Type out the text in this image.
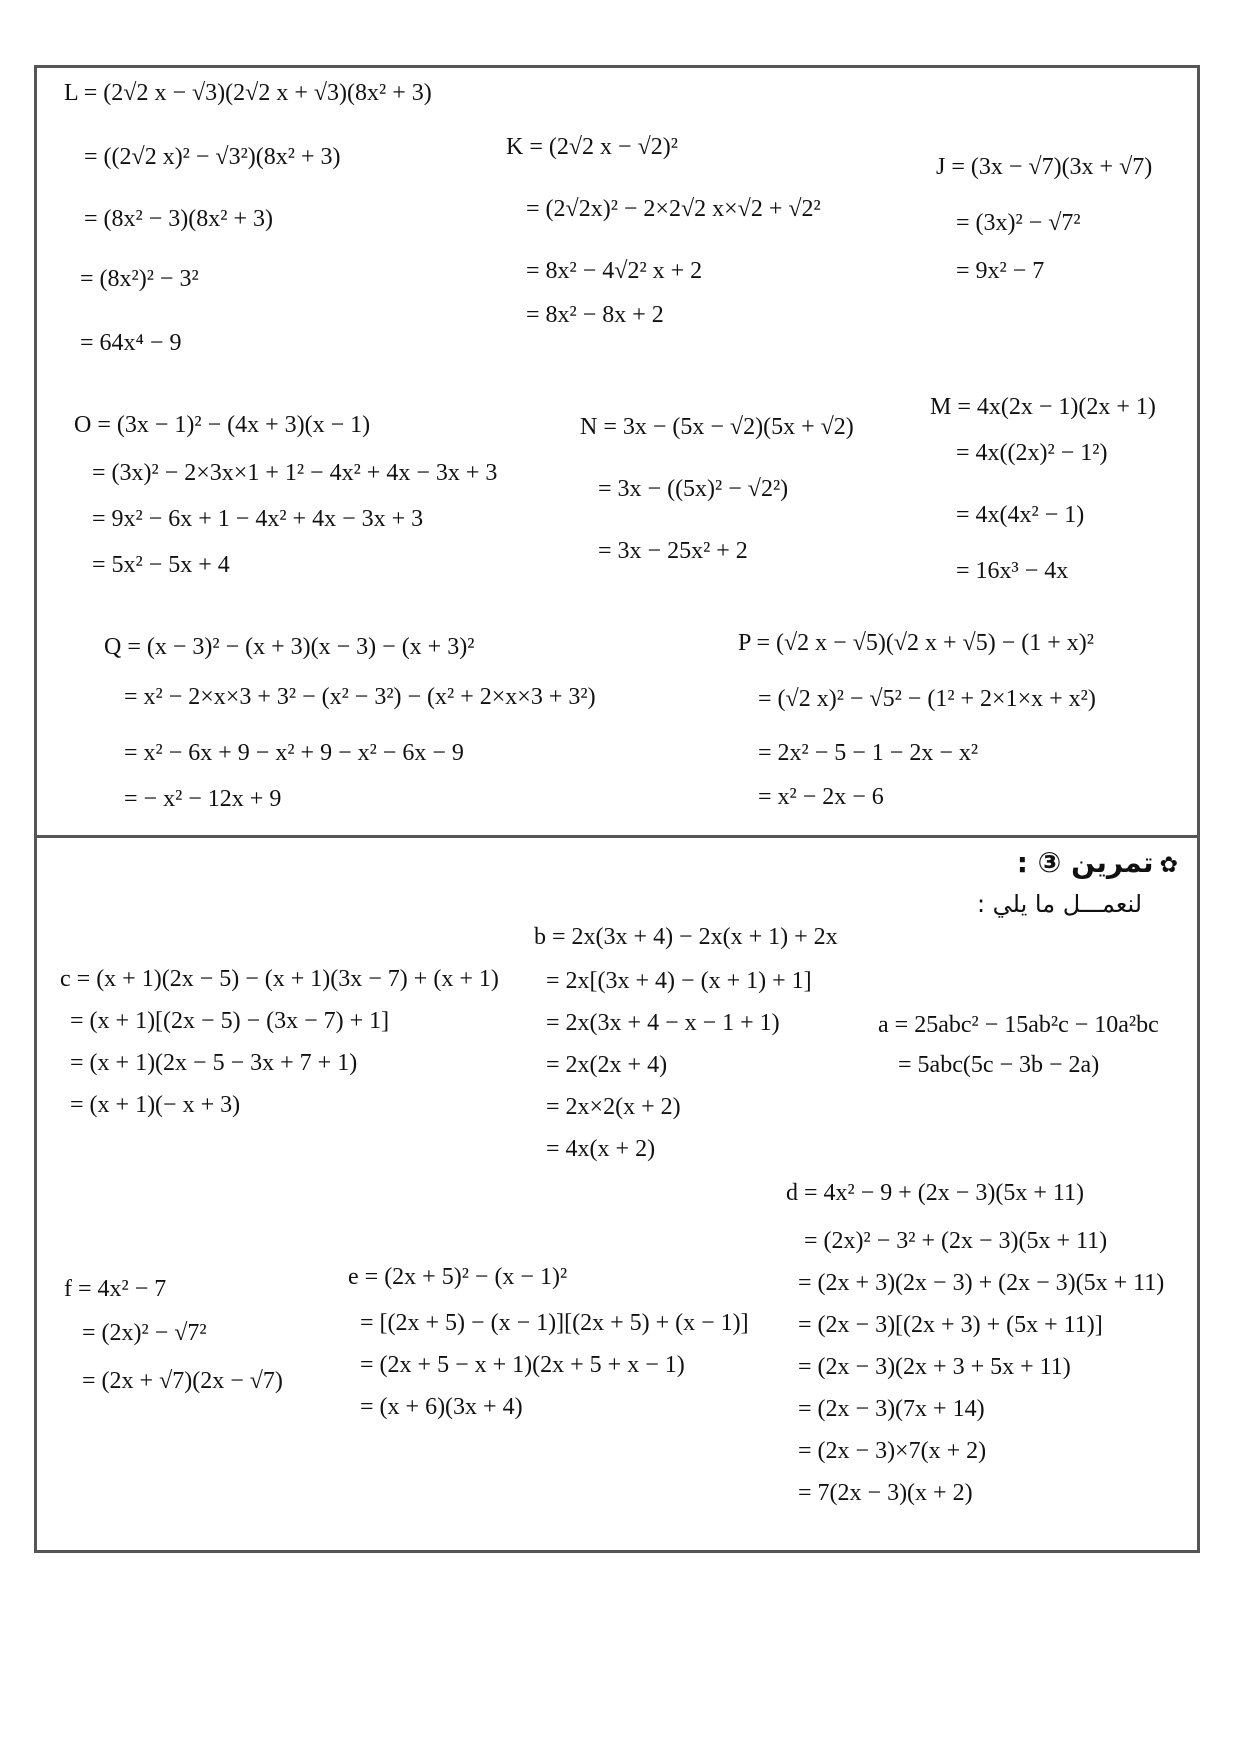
L = (2√2 x − √3)(2√2 x + √3)(8x² + 3)
= ((2√2 x)² − √3²)(8x² + 3)
= (8x² − 3)(8x² + 3)
= (8x²)² − 3²
= 64x⁴ − 9
K = (2√2 x − √2)²
= (2√2x)² − 2×2√2 x×√2 + √2²
= 8x² − 4√2² x + 2
= 8x² − 8x + 2
J = (3x − √7)(3x + √7)
= (3x)² − √7²
= 9x² − 7
O = (3x − 1)² − (4x + 3)(x − 1)
= (3x)² − 2×3x×1 + 1² − 4x² + 4x − 3x + 3
= 9x² − 6x + 1 − 4x² + 4x − 3x + 3
= 5x² − 5x + 4
N = 3x − (5x − √2)(5x + √2)
= 3x − ((5x)² − √2²)
= 3x − 25x² + 2
M = 4x(2x − 1)(2x + 1)
= 4x((2x)² − 1²)
= 4x(4x² − 1)
= 16x³ − 4x
Q = (x − 3)² − (x + 3)(x − 3) − (x + 3)²
= x² − 2×x×3 + 3² − (x² − 3²) − (x² + 2×x×3 + 3²)
= x² − 6x + 9 − x² + 9 − x² − 6x − 9
= − x² − 12x + 9
P = (√2 x − √5)(√2 x + √5) − (1 + x)²
= (√2 x)² − √5² − (1² + 2×1×x + x²)
= 2x² − 5 − 1 − 2x − x²
= x² − 2x − 6
✿تمرين ③ :
لنعمـــل ما يلي :
b = 2x(3x + 4) − 2x(x + 1) + 2x
= 2x[(3x + 4) − (x + 1) + 1]
= 2x(3x + 4 − x − 1 + 1)
= 2x(2x + 4)
= 2x×2(x + 2)
= 4x(x + 2)
c = (x + 1)(2x − 5) − (x + 1)(3x − 7) + (x + 1)
= (x + 1)[(2x − 5) − (3x − 7) + 1]
= (x + 1)(2x − 5 − 3x + 7 + 1)
= (x + 1)(− x + 3)
a = 25abc² − 15ab²c − 10a²bc
= 5abc(5c − 3b − 2a)
d = 4x² − 9 + (2x − 3)(5x + 11)
= (2x)² − 3² + (2x − 3)(5x + 11)
= (2x + 3)(2x − 3) + (2x − 3)(5x + 11)
= (2x − 3)[(2x + 3) + (5x + 11)]
= (2x − 3)(2x + 3 + 5x + 11)
= (2x − 3)(7x + 14)
= (2x − 3)×7(x + 2)
= 7(2x − 3)(x + 2)
f = 4x² − 7
= (2x)² − √7²
= (2x + √7)(2x − √7)
e = (2x + 5)² − (x − 1)²
= [(2x + 5) − (x − 1)][(2x + 5) + (x − 1)]
= (2x + 5 − x + 1)(2x + 5 + x − 1)
= (x + 6)(3x + 4)
